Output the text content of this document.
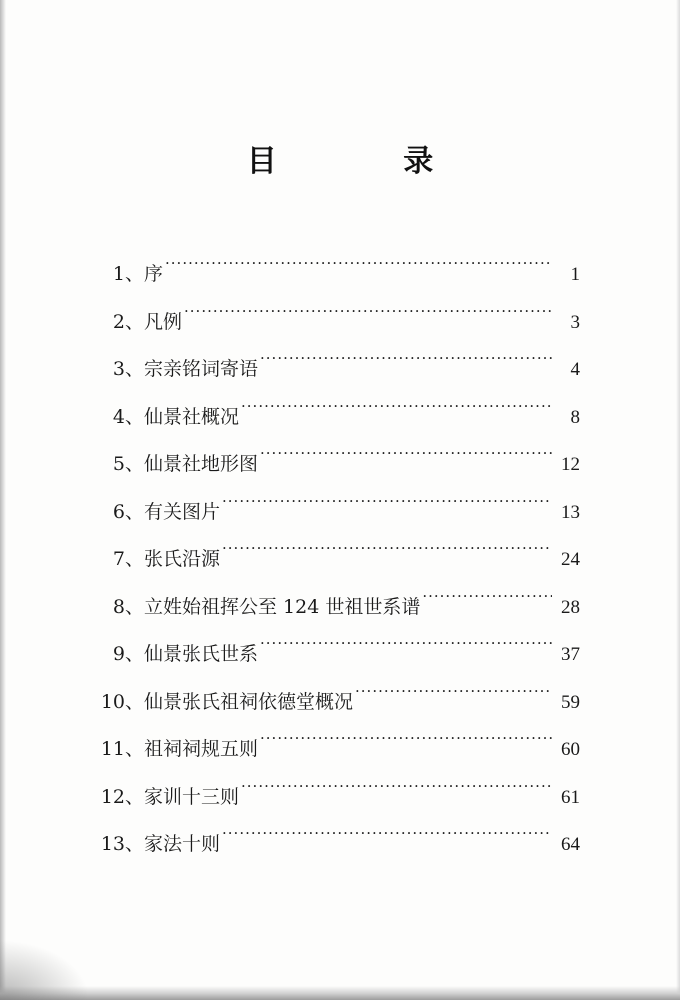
目 录
1、 序 ·····	1
2、 凡例 ·····	3
3、 宗亲铭词寄语 ·····	4
4、 仙景社概况 ·····	8
5、 仙景社地形图 ·····	12
6、 有关图片 ·····	13
7、 张氏沿源 ·····	24
8、 立姓始祖挥公至 124 世祖世系谱 ·····	28
9、 仙景张氏世系 ·····	37
10、 仙景张氏祖祠依德堂概况 ·····	59
11、 祖祠祠规五则 ·····	60
12、 家训十三则 ·····	61
13、 家法十则 ·····	64
